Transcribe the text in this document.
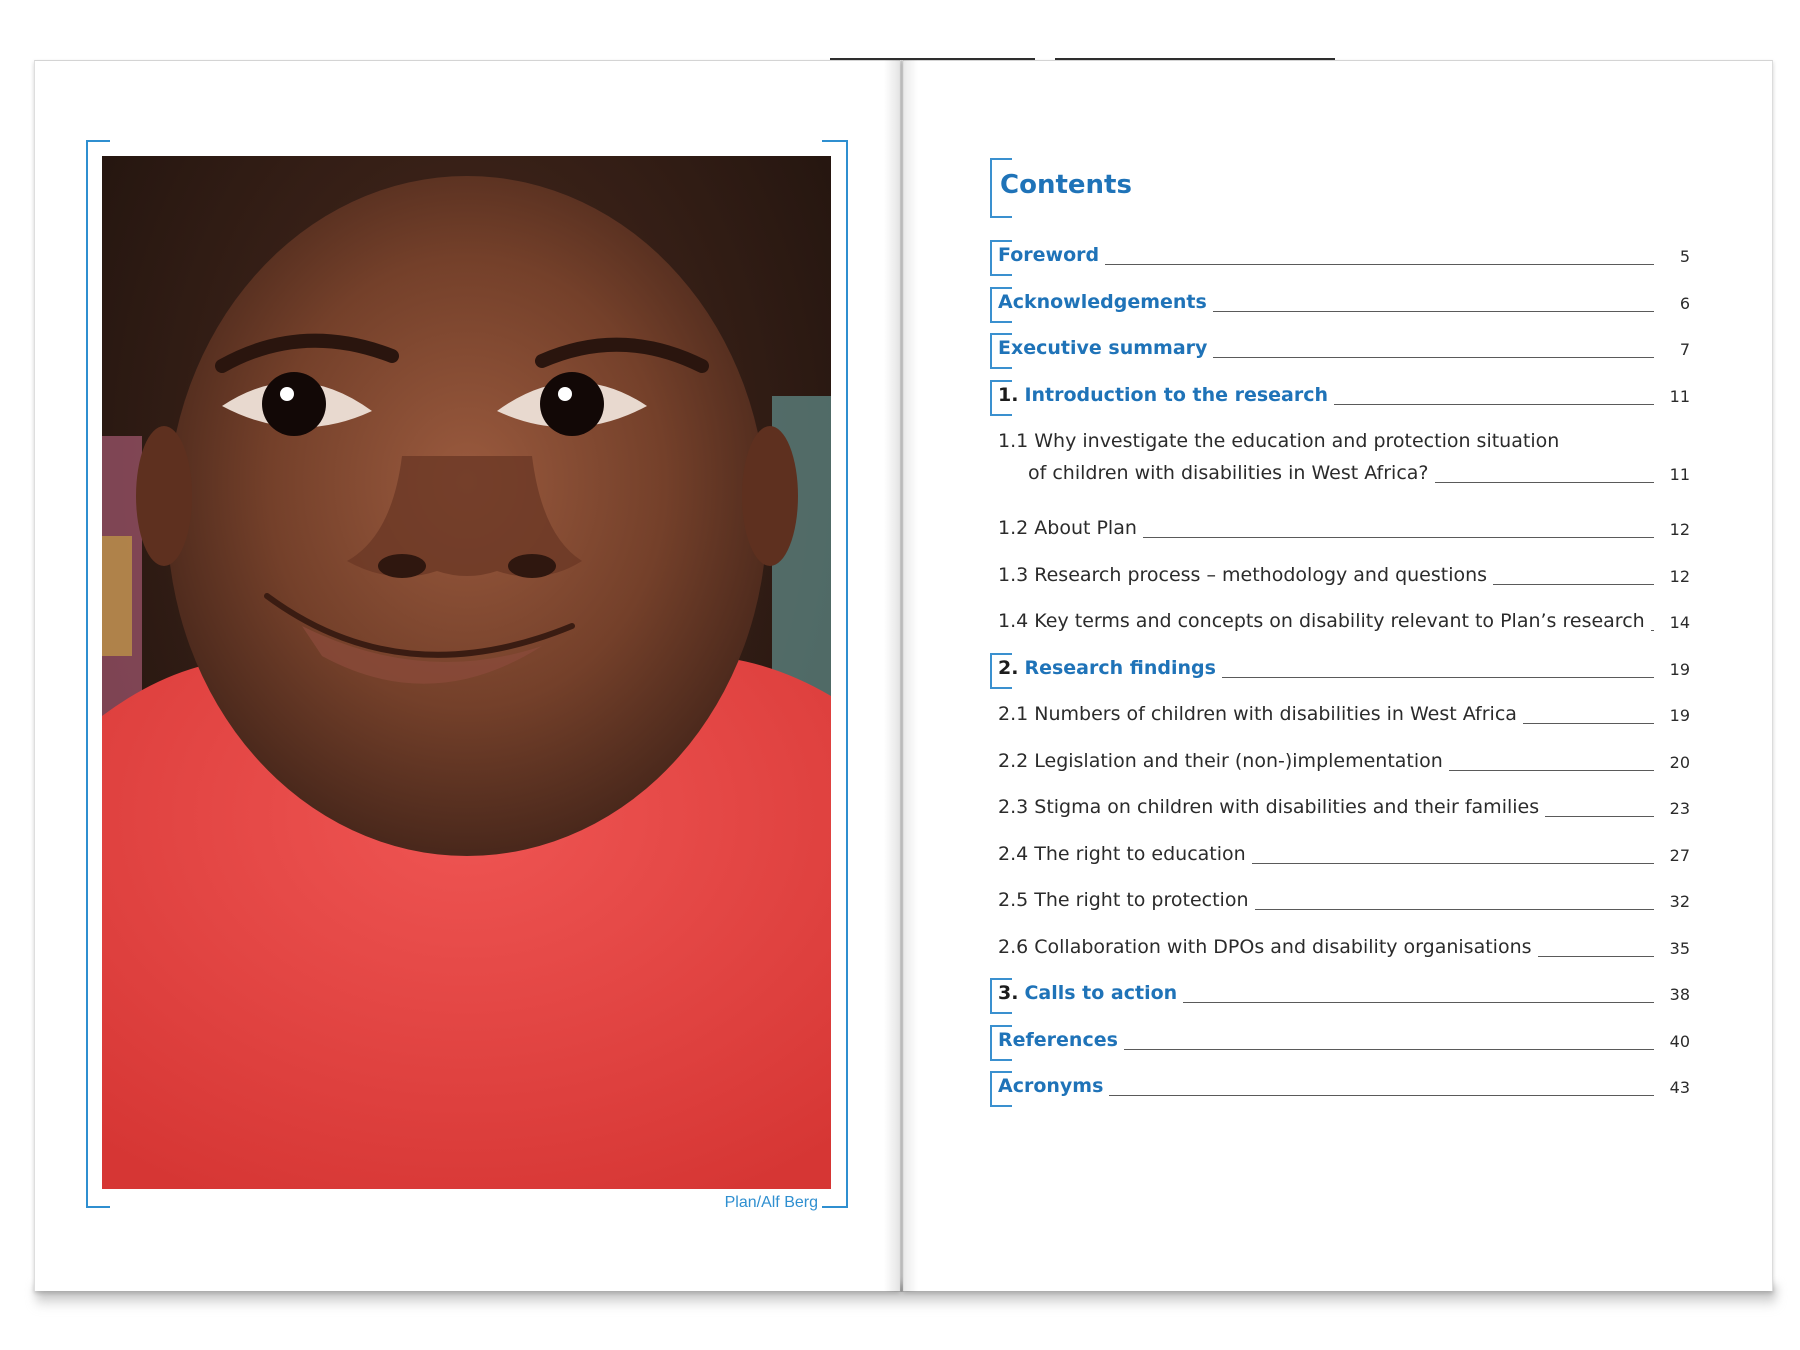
Plan/Alf Berg
Contents
Foreword	5
Acknowledgements	6
Executive summary	7
1. Introduction to the research	11
1.1 Why investigate the education and protection situation
of children with disabilities in West Africa?	11
1.2 About Plan	12
1.3 Research process – methodology and questions	12
1.4 Key terms and concepts on disability relevant to Plan’s research 14
2. Research findings	19
2.1 Numbers of children with disabilities in West Africa	19
2.2 Legislation and their (non-)implementation	20
2.3 Stigma on children with disabilities and their families	23
2.4 The right to education	27
2.5 The right to protection	32
2.6 Collaboration with DPOs and disability organisations	35
3. Calls to action	38
References	40
Acronyms	43
